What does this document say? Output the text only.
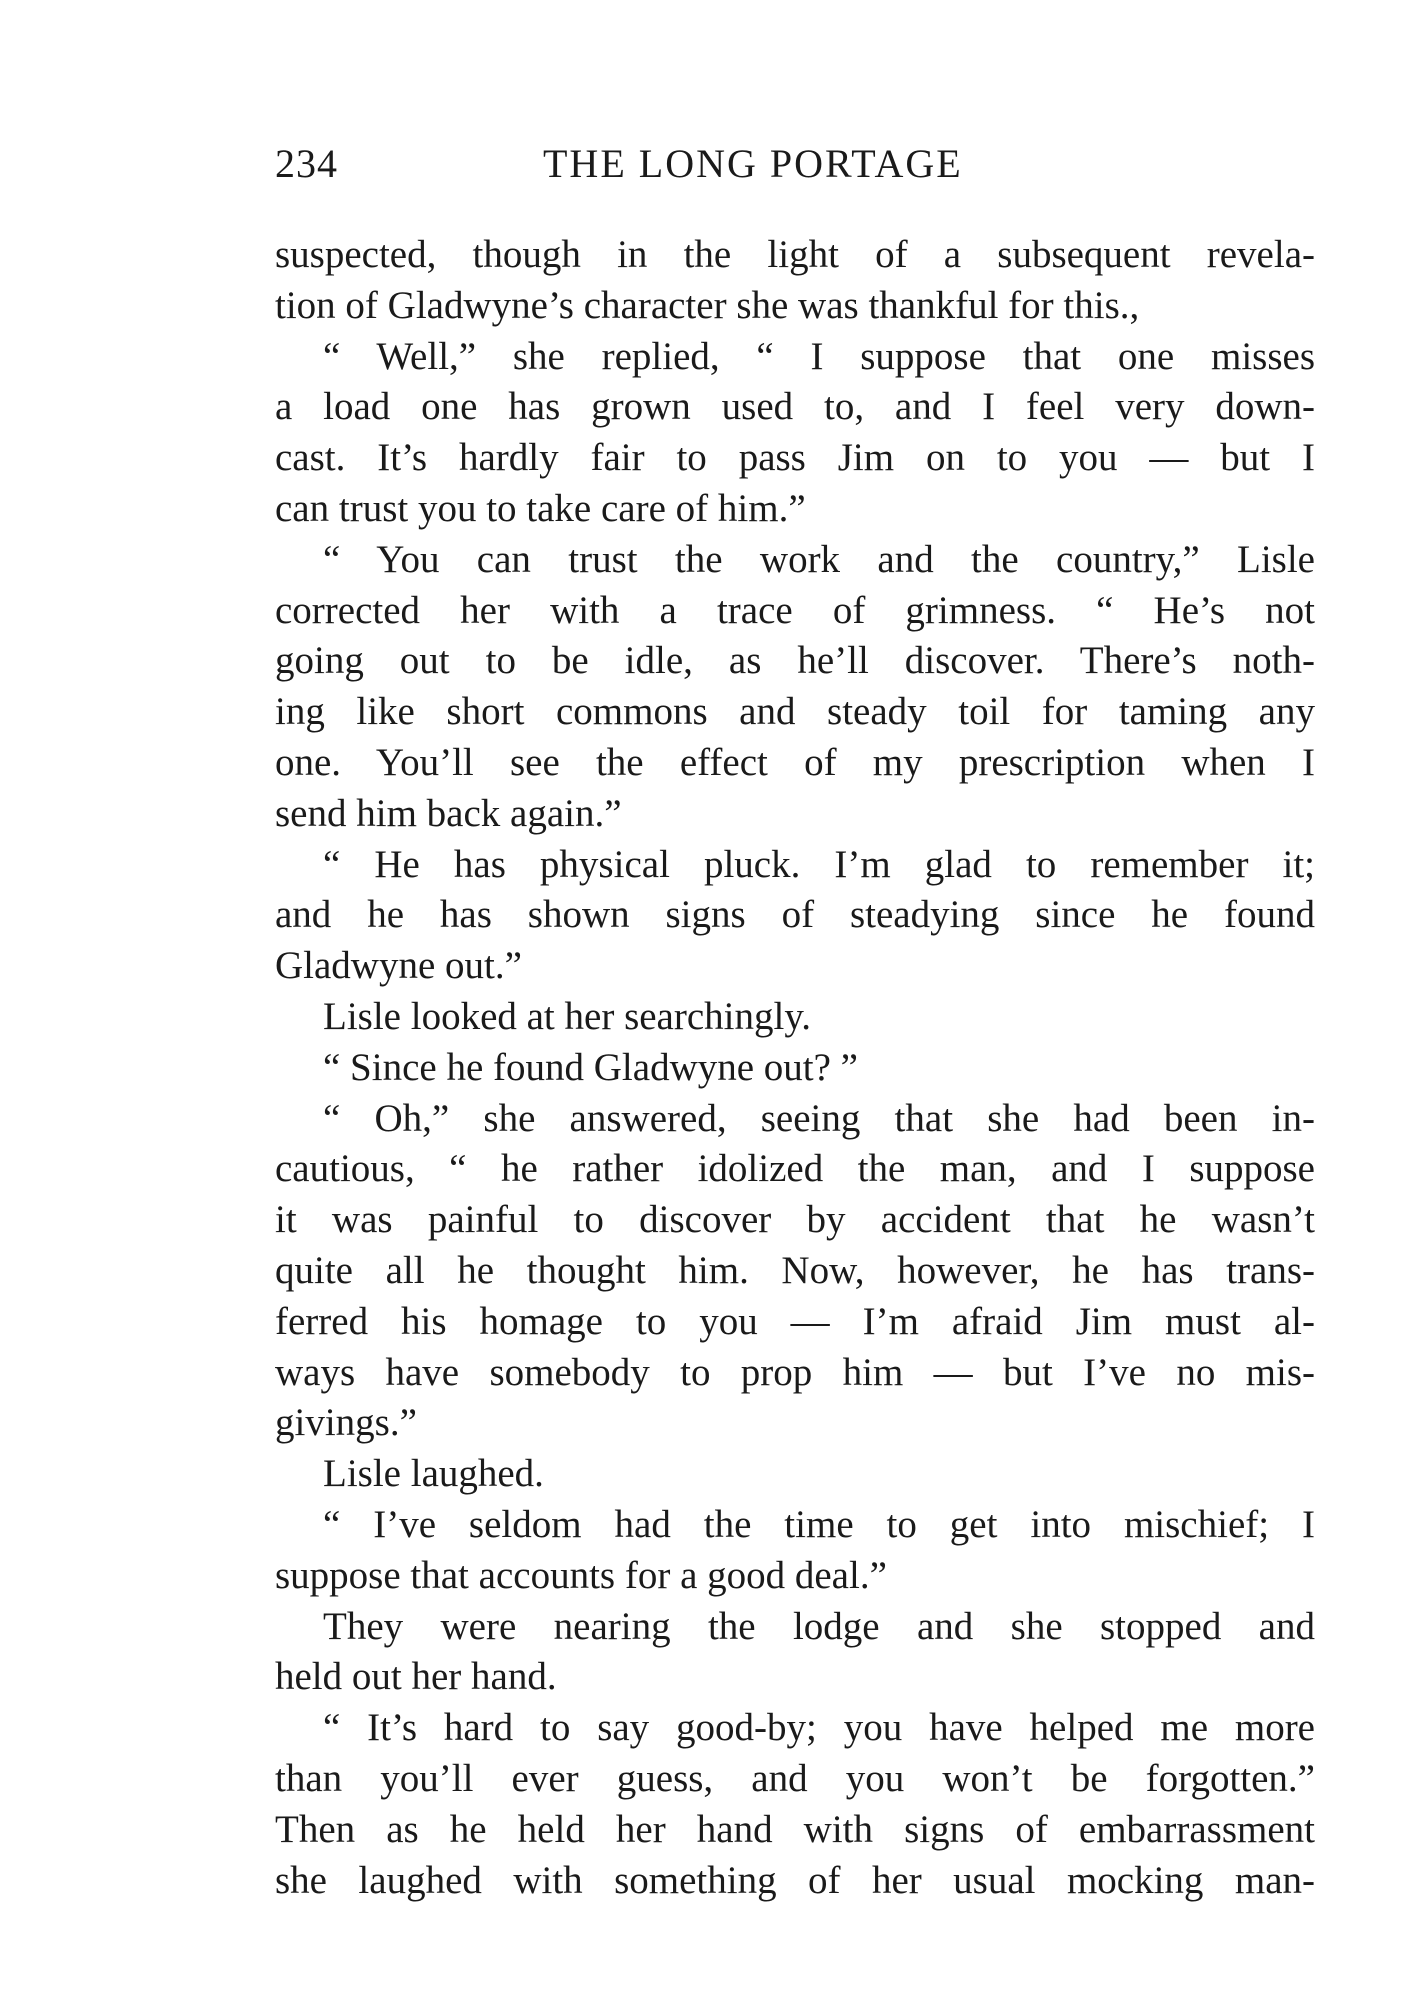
234	THE LONG PORTAGE
suspected, though in the light of a subsequent revela-
tion of Gladwyne’s character she was thankful for this.,
“ Well,” she replied, “ I suppose that one misses
a load one has grown used to, and I feel very down-
cast. It’s hardly fair to pass Jim on to you — but I
can trust you to take care of him.”
“ You can trust the work and the country,” Lisle
corrected her with a trace of grimness. “ He’s not
going out to be idle, as he’ll discover. There’s noth-
ing like short commons and steady toil for taming any
one. You’ll see the effect of my prescription when I
send him back again.”
“ He has physical pluck. I’m glad to remember it;
and he has shown signs of steadying since he found
Gladwyne out.”
Lisle looked at her searchingly.
“ Since he found Gladwyne out? ”
“ Oh,” she answered, seeing that she had been in-
cautious, “ he rather idolized the man, and I suppose
it was painful to discover by accident that he wasn’t
quite all he thought him. Now, however, he has trans-
ferred his homage to you — I’m afraid Jim must al-
ways have somebody to prop him — but I’ve no mis-
givings.”
Lisle laughed.
“ I’ve seldom had the time to get into mischief; I
suppose that accounts for a good deal.”
They were nearing the lodge and she stopped and
held out her hand.
“ It’s hard to say good-by; you have helped me more
than you’ll ever guess, and you won’t be forgotten.”
Then as he held her hand with signs of embarrassment
she laughed with something of her usual mocking man-
